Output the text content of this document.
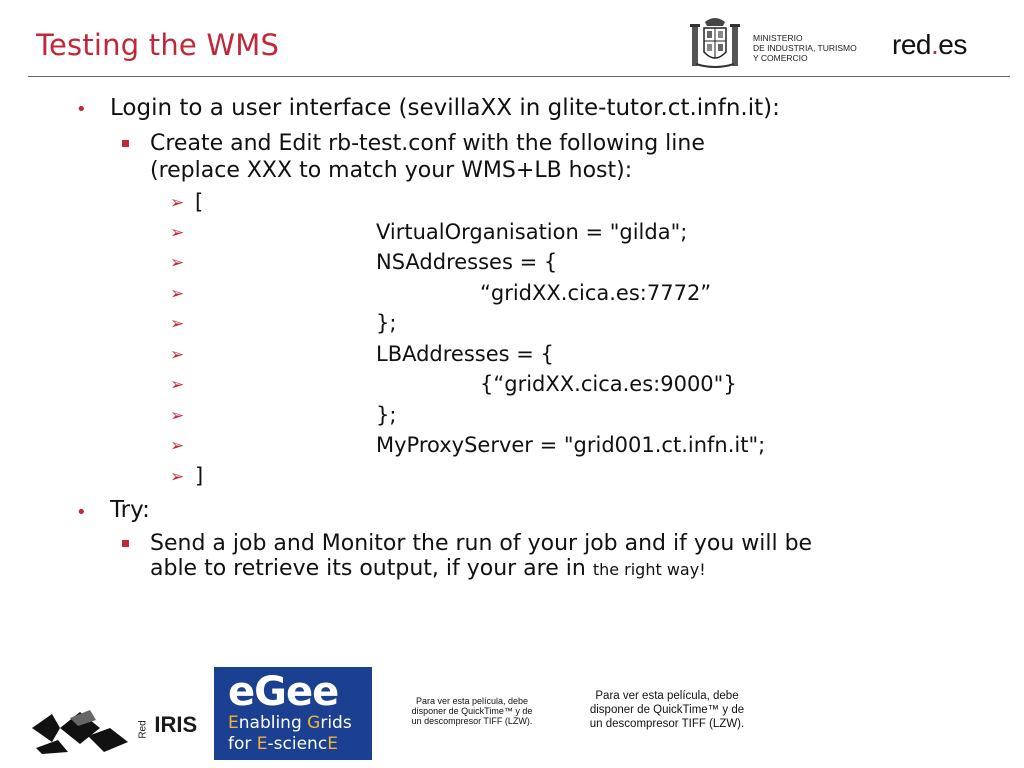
Testing the WMS	MINISTERIO
DE INDUSTRIA, TURISMO
Y COMERCIO	red.es
• Login to a user interface (sevillaXX in glite-tutor.ct.infn.it):
Create and Edit rb-test.conf with the following line
(replace XXX to match your WMS+LB host):
➢ [
➢	VirtualOrganisation = "gilda";
➢	NSAddresses = {
➢	“gridXX.cica.es:7772”
➢	};
➢	LBAddresses = {
➢	{“gridXX.cica.es:9000"}
➢	};
➢	MyProxyServer = "grid001.ct.infn.it";
➢ ]
• Try:
Send a job and Monitor the run of your job and if you will be
able to retrieve its output, if your are in the right way!
Red IRIS
eGee
Enabling Grids
for E-sciencE
Para ver esta película, debe
disponer de QuickTime™ y de
un descompresor TIFF (LZW).
Para ver esta película, debe
disponer de QuickTime™ y de
un descompresor TIFF (LZW).
